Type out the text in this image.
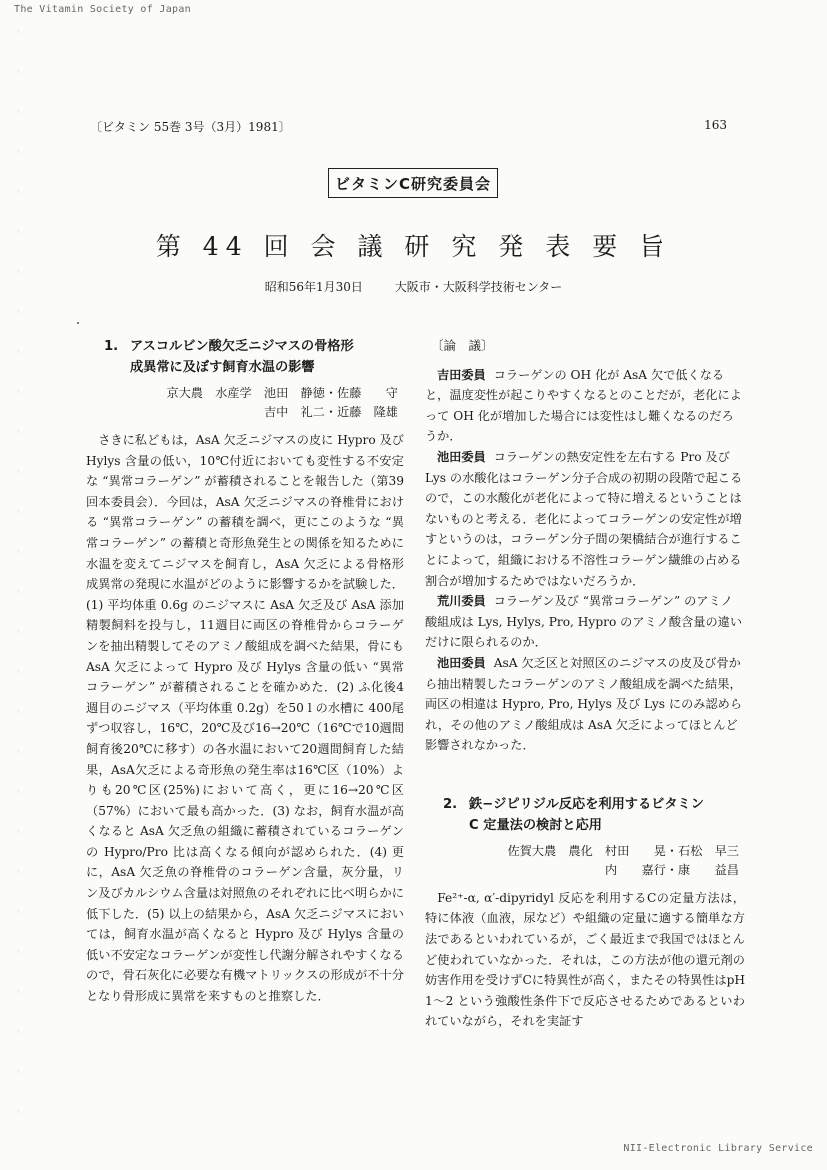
The Vitamin Society of Japan
〔ビタミン 55巻 3号（3月）1981〕	163
ビタミンC研究委員会
第 44 回 会 議 研 究 発 表 要 旨
昭和56年1月30日	大阪市・大阪科学技術センター
1. アスコルビン酸欠乏ニジマスの骨格形
成異常に及ぼす飼育水温の影響
京大農　水産学　池田　静徳・佐藤　　守
吉中　礼二・近藤　隆雄

さきに私どもは，AsA 欠乏ニジマスの皮に Hypro 及び Hylys 含量の低い，10℃付近においても変性する不安定な “異常コラーゲン” が蓄積されることを報告した（第39回本委員会）．今回は，AsA 欠乏ニジマスの脊椎骨における “異常コラーゲン” の蓄積を調べ，更にこのような “異常コラーゲン” の蓄積と奇形魚発生との関係を知るために水温を変えてニジマスを飼育し，AsA 欠乏による骨格形成異常の発現に水温がどのように影響するかを試験した．(1) 平均体重 0.6g のニジマスに AsA 欠乏及び AsA 添加精製飼料を投与し，11週目に両区の脊椎骨からコラーゲンを抽出精製してそのアミノ酸組成を調べた結果，骨にも AsA 欠乏によって Hypro 及び Hylys 含量の低い “異常コラーゲン” が蓄積されることを確かめた．(2) ふ化後4週目のニジマス（平均体重 0.2g）を50 l の水槽に 400尾ずつ収容し，16℃，20℃及び16→20℃（16℃で10週間飼育後20℃に移す）の各水温において20週間飼育した結果，AsA欠乏による奇形魚の発生率は16℃区（10%）よりも20℃区(25%)において高く，更に16→20℃区（57%）において最も高かった．(3) なお，飼育水温が高くなると AsA 欠乏魚の組織に蓄積されているコラーゲンの Hypro/Pro 比は高くなる傾向が認められた．(4) 更に，AsA 欠乏魚の脊椎骨のコラーゲン含量，灰分量，リン及びカルシウム含量は対照魚のそれぞれに比べ明らかに低下した．(5) 以上の結果から，AsA 欠乏ニジマスにおいては，飼育水温が高くなると Hypro 及び Hylys 含量の低い不安定なコラーゲンが変性し代謝分解されやすくなるので，骨石灰化に必要な有機マトリックスの形成が不十分となり骨形成に異常を来すものと推察した．

〔論　議〕

吉田委員 コラーゲンの OH 化が AsA 欠で低くなると，温度変性が起こりやすくなるとのことだが，老化によって OH 化が増加した場合には変性はし難くなるのだろうか．

池田委員 コラーゲンの熱安定性を左右する Pro 及び Lys の水酸化はコラーゲン分子合成の初期の段階で起こるので，この水酸化が老化によって特に増えるということはないものと考える．老化によってコラーゲンの安定性が増すというのは，コラーゲン分子間の架橋結合が進行することによって，組織における不溶性コラーゲン繊維の占める割合が増加するためではないだろうか．

荒川委員 コラーゲン及び “異常コラーゲン” のアミノ酸組成は Lys, Hylys, Pro, Hypro のアミノ酸含量の違いだけに限られるのか．

池田委員 AsA 欠乏区と対照区のニジマスの皮及び骨から抽出精製したコラーゲンのアミノ酸組成を調べた結果，両区の相違は Hypro, Pro, Hylys 及び Lys にのみ認められ，その他のアミノ酸組成は AsA 欠乏によってほとんど影響されなかった．

2. 鉄−ジピリジル反応を利用するビタミン
C 定量法の検討と応用
佐賀大農　農化　村田　　晃・石松　早三
内　　嘉行・康　　益昌

Fe²⁺-α, α′-dipyridyl 反応を利用するCの定量方法は，特に体液（血液，尿など）や組織の定量に適する簡単な方法であるといわれているが，ごく最近まで我国ではほとんど使われていなかった．それは，この方法が他の還元剤の妨害作用を受けずCに特異性が高く，またその特異性はpH 1～2 という強酸性条件下で反応させるためであるといわれていながら，それを実証す

NII-Electronic Library Service
